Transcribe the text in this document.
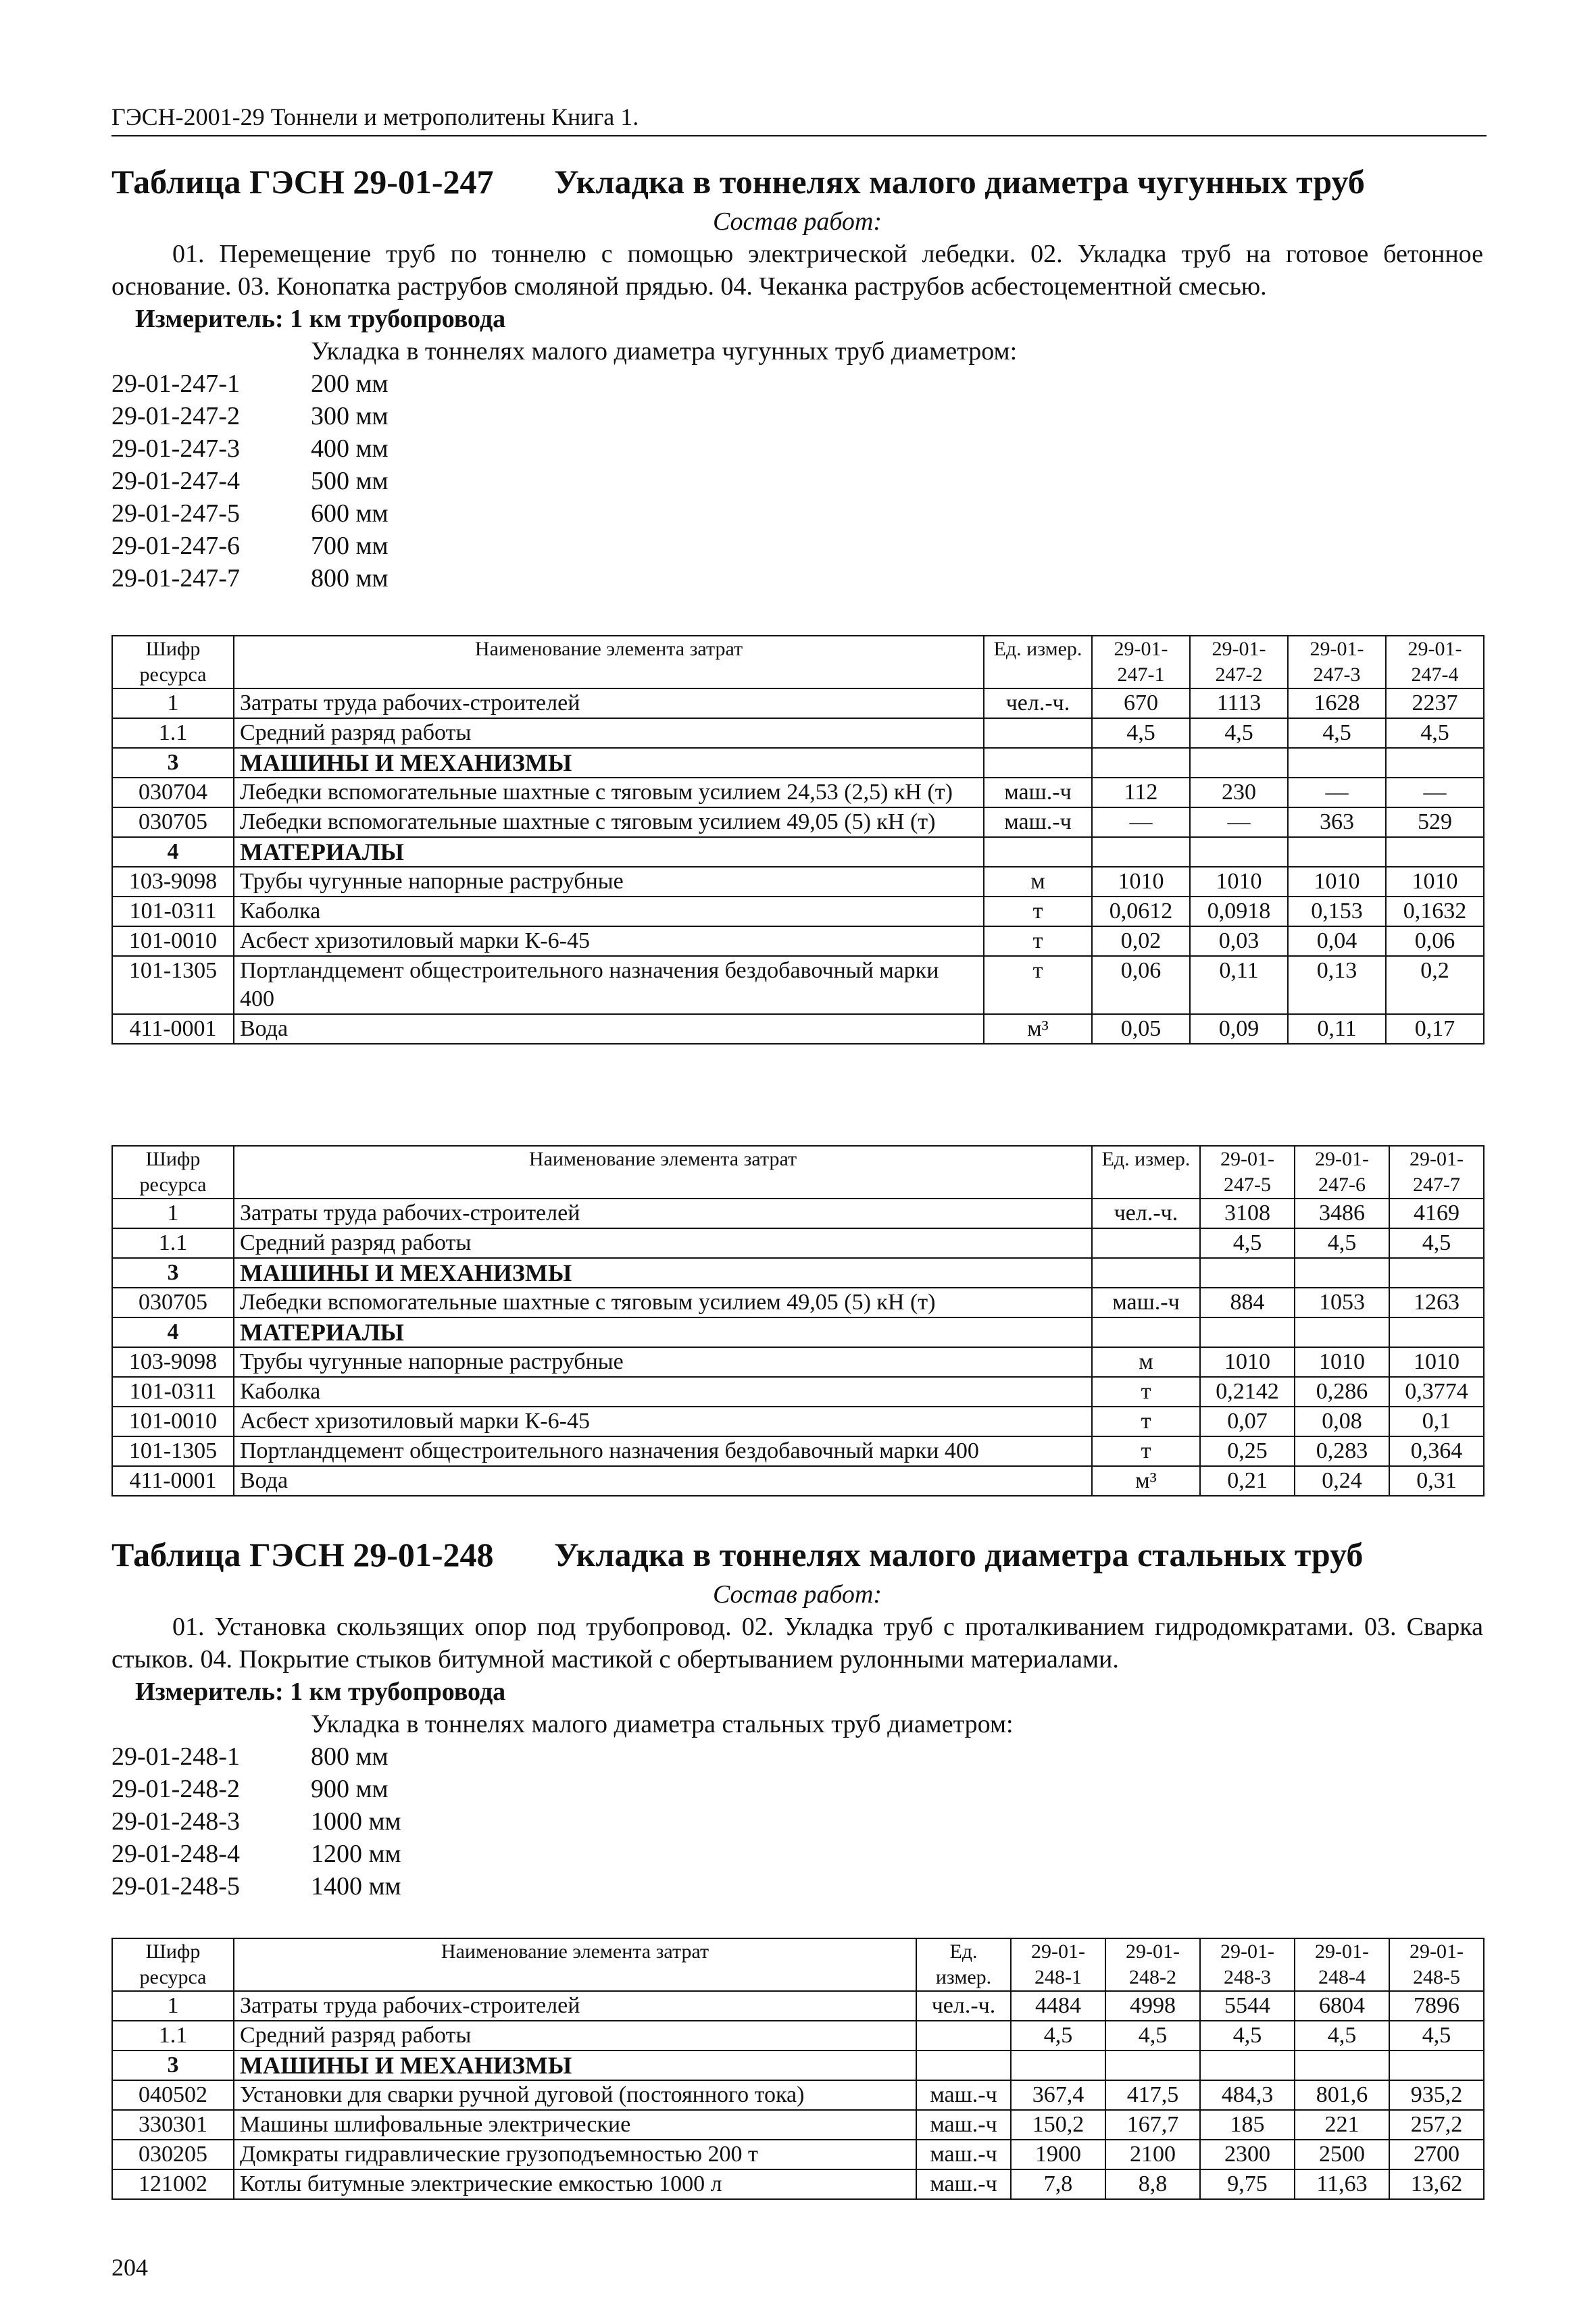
ГЭСН-2001-29 Тоннели и метрополитены Книга 1.
Таблица ГЭСН 29-01-247	Укладка в тоннелях малого диаметра чугунных труб
Состав работ:
01. Перемещение труб по тоннелю с помощью электрической лебедки. 02. Укладка труб на готовое бетонное основание. 03. Конопатка раструбов смоляной прядью. 04. Чеканка раструбов асбестоцементной смесью.
Измеритель: 1 км трубопровода
Укладка в тоннелях малого диаметра чугунных труб диаметром:
29-01-247-1	200 мм
29-01-247-2	300 мм
29-01-247-3	400 мм
29-01-247-4	500 мм
29-01-247-5	600 мм
29-01-247-6	700 мм
29-01-247-7	800 мм
Шифр ресурса	Наименование элемента затрат	Ед. измер.	29-01-247-1	29-01-247-2	29-01-247-3	29-01-247-4
1	Затраты труда рабочих-строителей	чел.-ч.	670	1113	1628	2237
1.1	Средний разряд работы		4,5	4,5	4,5	4,5
3	МАШИНЫ И МЕХАНИЗМЫ					
030704	Лебедки вспомогательные шахтные с тяговым усилием 24,53 (2,5) кН (т)	маш.-ч	112	230	—	—
030705	Лебедки вспомогательные шахтные с тяговым усилием 49,05 (5) кН (т)	маш.-ч	—	—	363	529
4	МАТЕРИАЛЫ					
103-9098	Трубы чугунные напорные раструбные	м	1010	1010	1010	1010
101-0311	Каболка	т	0,0612	0,0918	0,153	0,1632
101-0010	Асбест хризотиловый марки К-6-45	т	0,02	0,03	0,04	0,06
101-1305	Портландцемент общестроительного назначения бездобавочный марки 400	т	0,06	0,11	0,13	0,2
411-0001	Вода	м³	0,05	0,09	0,11	0,17
Шифр ресурса	Наименование элемента затрат	Ед. измер.	29-01-247-5	29-01-247-6	29-01-247-7
1	Затраты труда рабочих-строителей	чел.-ч.	3108	3486	4169
1.1	Средний разряд работы		4,5	4,5	4,5
3	МАШИНЫ И МЕХАНИЗМЫ				
030705	Лебедки вспомогательные шахтные с тяговым усилием 49,05 (5) кН (т)	маш.-ч	884	1053	1263
4	МАТЕРИАЛЫ				
103-9098	Трубы чугунные напорные раструбные	м	1010	1010	1010
101-0311	Каболка	т	0,2142	0,286	0,3774
101-0010	Асбест хризотиловый марки К-6-45	т	0,07	0,08	0,1
101-1305	Портландцемент общестроительного назначения бездобавочный марки 400	т	0,25	0,283	0,364
411-0001	Вода	м³	0,21	0,24	0,31
Таблица ГЭСН 29-01-248	Укладка в тоннелях малого диаметра стальных труб
Состав работ:
01. Установка скользящих опор под трубопровод. 02. Укладка труб с проталкиванием гидродомкратами. 03. Сварка стыков. 04. Покрытие стыков битумной мастикой с обертыванием рулонными материалами.
Измеритель: 1 км трубопровода
Укладка в тоннелях малого диаметра стальных труб диаметром:
29-01-248-1	800 мм
29-01-248-2	900 мм
29-01-248-3	1000 мм
29-01-248-4	1200 мм
29-01-248-5	1400 мм
Шифр ресурса	Наименование элемента затрат	Ед. измер.	29-01-248-1	29-01-248-2	29-01-248-3	29-01-248-4	29-01-248-5
1	Затраты труда рабочих-строителей	чел.-ч.	4484	4998	5544	6804	7896
1.1	Средний разряд работы		4,5	4,5	4,5	4,5	4,5
3	МАШИНЫ И МЕХАНИЗМЫ						
040502	Установки для сварки ручной дуговой (постоянного тока)	маш.-ч	367,4	417,5	484,3	801,6	935,2
330301	Машины шлифовальные электрические	маш.-ч	150,2	167,7	185	221	257,2
030205	Домкраты гидравлические грузоподъемностью 200 т	маш.-ч	1900	2100	2300	2500	2700
121002	Котлы битумные электрические емкостью 1000 л	маш.-ч	7,8	8,8	9,75	11,63	13,62
204
